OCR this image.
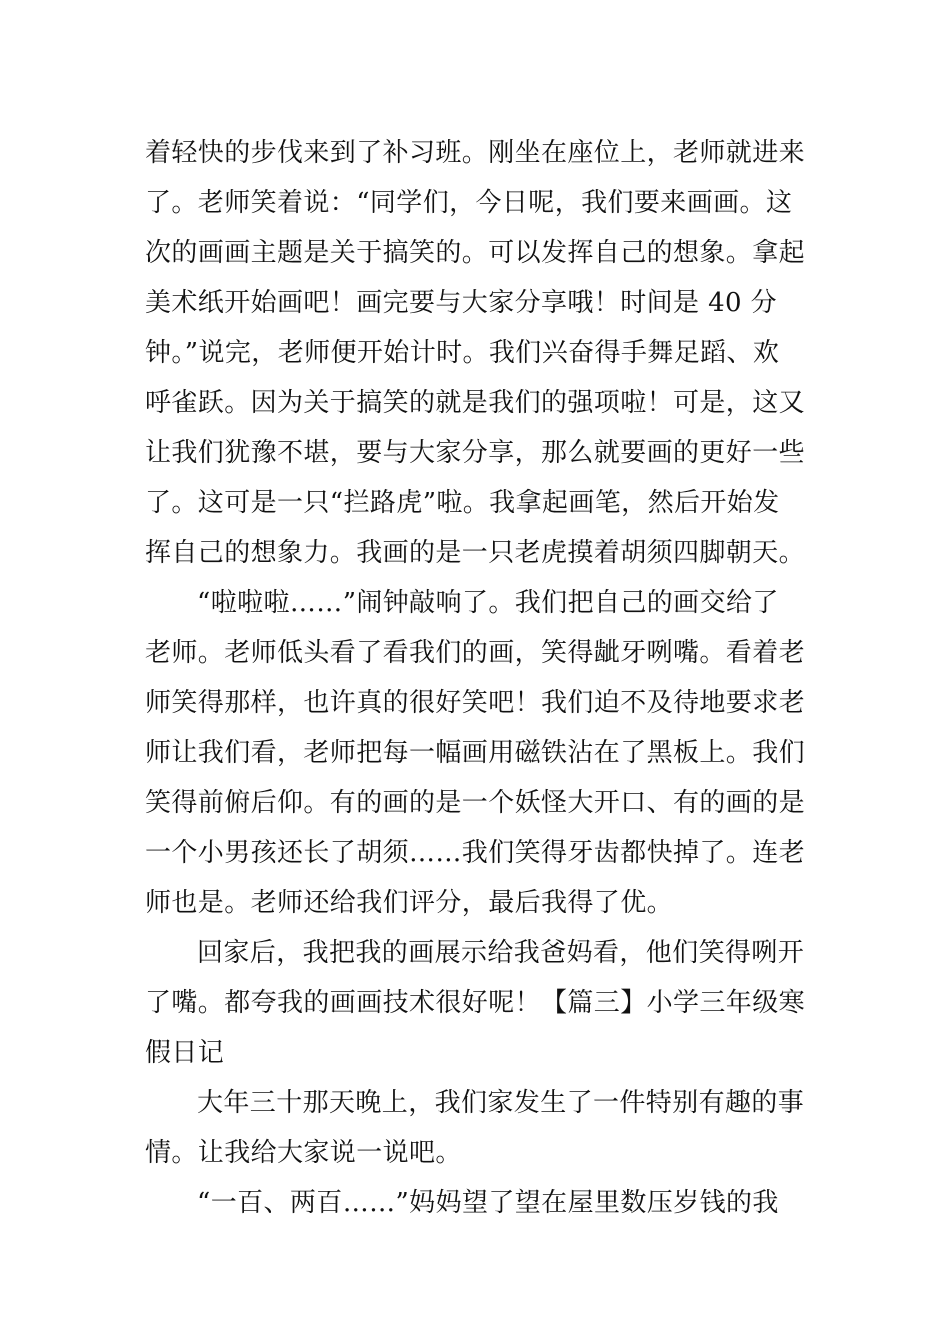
着轻快的步伐来到了补习班。刚坐在座位上，老师就进来
了。老师笑着说：“同学们，今日呢，我们要来画画。这
次的画画主题是关于搞笑的。可以发挥自己的想象。拿起
美术纸开始画吧！画完要与大家分享哦！时间是 40 分
钟。”说完，老师便开始计时。我们兴奋得手舞足蹈、欢
呼雀跃。因为关于搞笑的就是我们的强项啦！可是，这又
让我们犹豫不堪，要与大家分享，那么就要画的更好一些
了。这可是一只“拦路虎”啦。我拿起画笔，然后开始发
挥自己的想象力。我画的是一只老虎摸着胡须四脚朝天。
“啦啦啦……”闹钟敲响了。我们把自己的画交给了
老师。老师低头看了看我们的画，笑得龇牙咧嘴。看着老
师笑得那样，也许真的很好笑吧！我们迫不及待地要求老
师让我们看，老师把每一幅画用磁铁沾在了黑板上。我们
笑得前俯后仰。有的画的是一个妖怪大开口、有的画的是
一个小男孩还长了胡须……我们笑得牙齿都快掉了。连老
师也是。老师还给我们评分，最后我得了优。
回家后，我把我的画展示给我爸妈看，他们笑得咧开
了嘴。都夸我的画画技术很好呢！【篇三】小学三年级寒
假日记
大年三十那天晚上，我们家发生了一件特别有趣的事
情。让我给大家说一说吧。
“一百、两百……”妈妈望了望在屋里数压岁钱的我
